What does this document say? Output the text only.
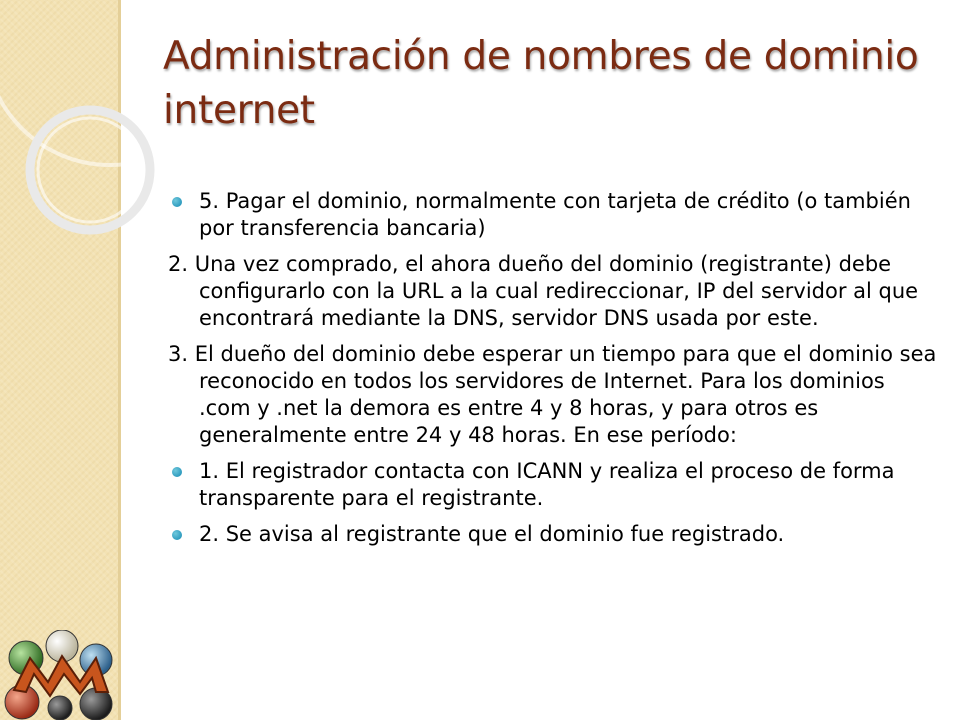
Administración de nombres de dominio internet
5. Pagar el dominio, normalmente con tarjeta de crédito (o también por transferencia bancaria)
2. Una vez comprado, el ahora dueño del dominio (registrante) debe configurarlo con la URL a la cual redireccionar, IP del servidor al que encontrará mediante la DNS, servidor DNS usada por este.
3. El dueño del dominio debe esperar un tiempo para que el dominio sea reconocido en todos los servidores de Internet. Para los dominios .com y .net la demora es entre 4 y 8 horas, y para otros es generalmente entre 24 y 48 horas. En ese período:
1. El registrador contacta con ICANN y realiza el proceso de forma transparente para el registrante.
2. Se avisa al registrante que el dominio fue registrado.
